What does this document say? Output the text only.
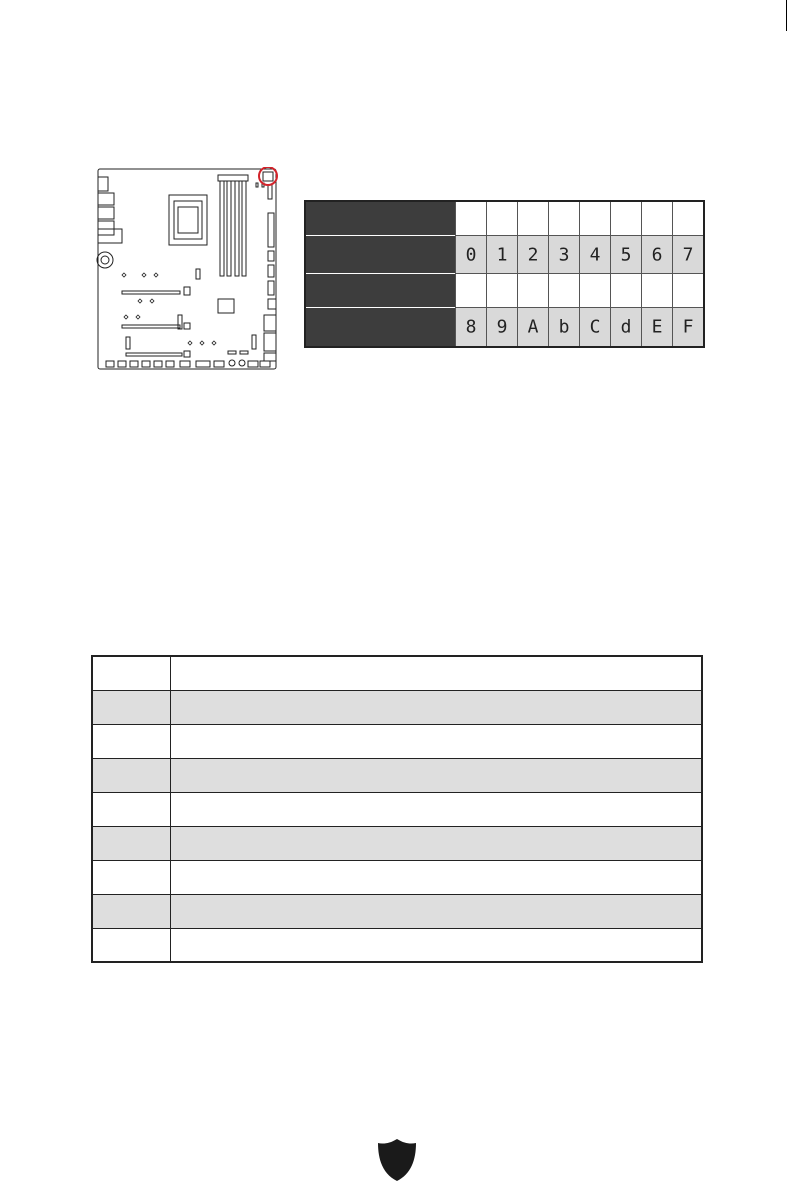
0 1 2 3 4 5 6 7
8 9 A b C d E F
